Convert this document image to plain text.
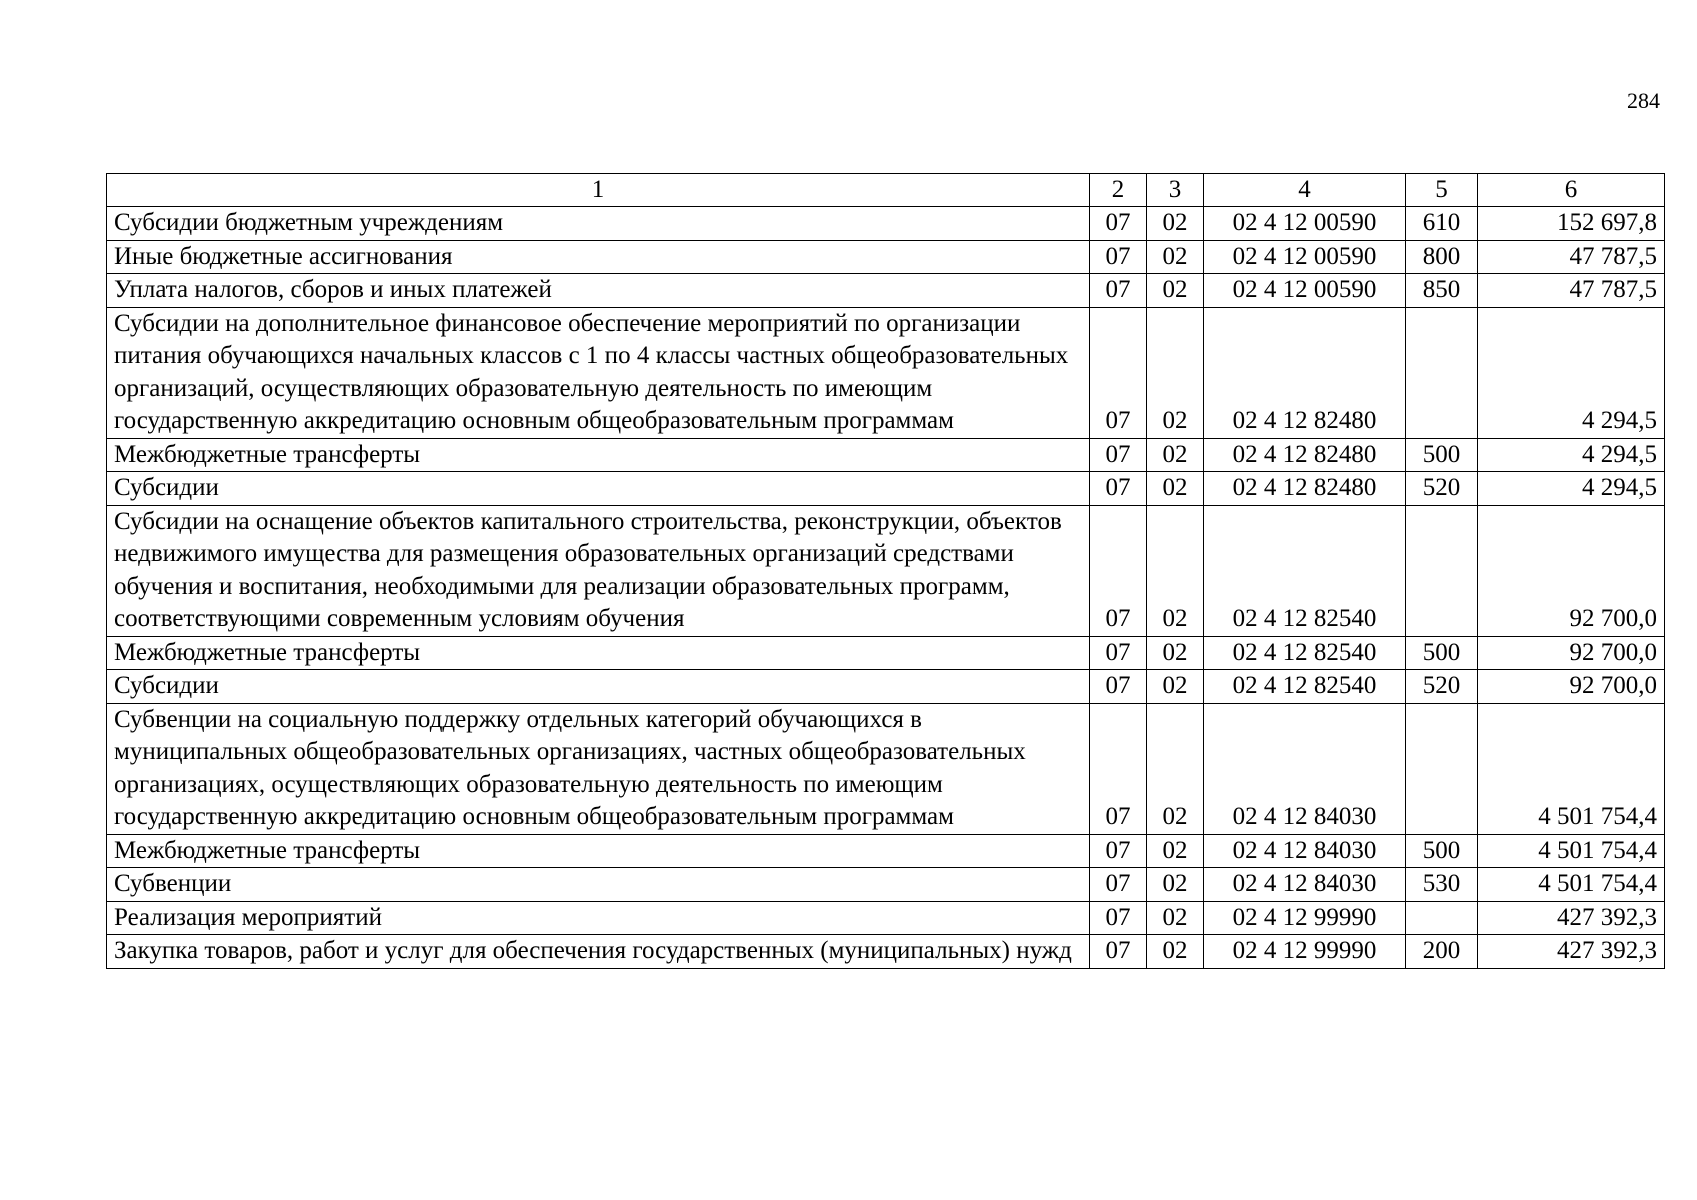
284
1	2	3	4	5	6
Субсидии бюджетным учреждениям	07	02	02 4 12 00590	610	152 697,8
Иные бюджетные ассигнования	07	02	02 4 12 00590	800	47 787,5
Уплата налогов, сборов и иных платежей	07	02	02 4 12 00590	850	47 787,5
Субсидии на дополнительное финансовое обеспечение мероприятий по организации питания обучающихся начальных классов с 1 по 4 классы частных общеобразовательных организаций, осуществляющих образовательную деятельность по имеющим государственную аккредитацию основным общеобразовательным программам	07	02	02 4 12 82480		4 294,5
Межбюджетные трансферты	07	02	02 4 12 82480	500	4 294,5
Субсидии	07	02	02 4 12 82480	520	4 294,5
Субсидии на оснащение объектов капитального строительства, реконструкции, объектов недвижимого имущества для размещения образовательных организаций средствами обучения и воспитания, необходимыми для реализации образовательных программ, соответствующими современным условиям обучения	07	02	02 4 12 82540		92 700,0
Межбюджетные трансферты	07	02	02 4 12 82540	500	92 700,0
Субсидии	07	02	02 4 12 82540	520	92 700,0
Субвенции на социальную поддержку отдельных категорий обучающихся в муниципальных общеобразовательных организациях, частных общеобразовательных организациях, осуществляющих образовательную деятельность по имеющим государственную аккредитацию основным общеобразовательным программам	07	02	02 4 12 84030		4 501 754,4
Межбюджетные трансферты	07	02	02 4 12 84030	500	4 501 754,4
Субвенции	07	02	02 4 12 84030	530	4 501 754,4
Реализация мероприятий	07	02	02 4 12 99990		427 392,3
Закупка товаров, работ и услуг для обеспечения государственных (муниципальных) нужд	07	02	02 4 12 99990	200	427 392,3
